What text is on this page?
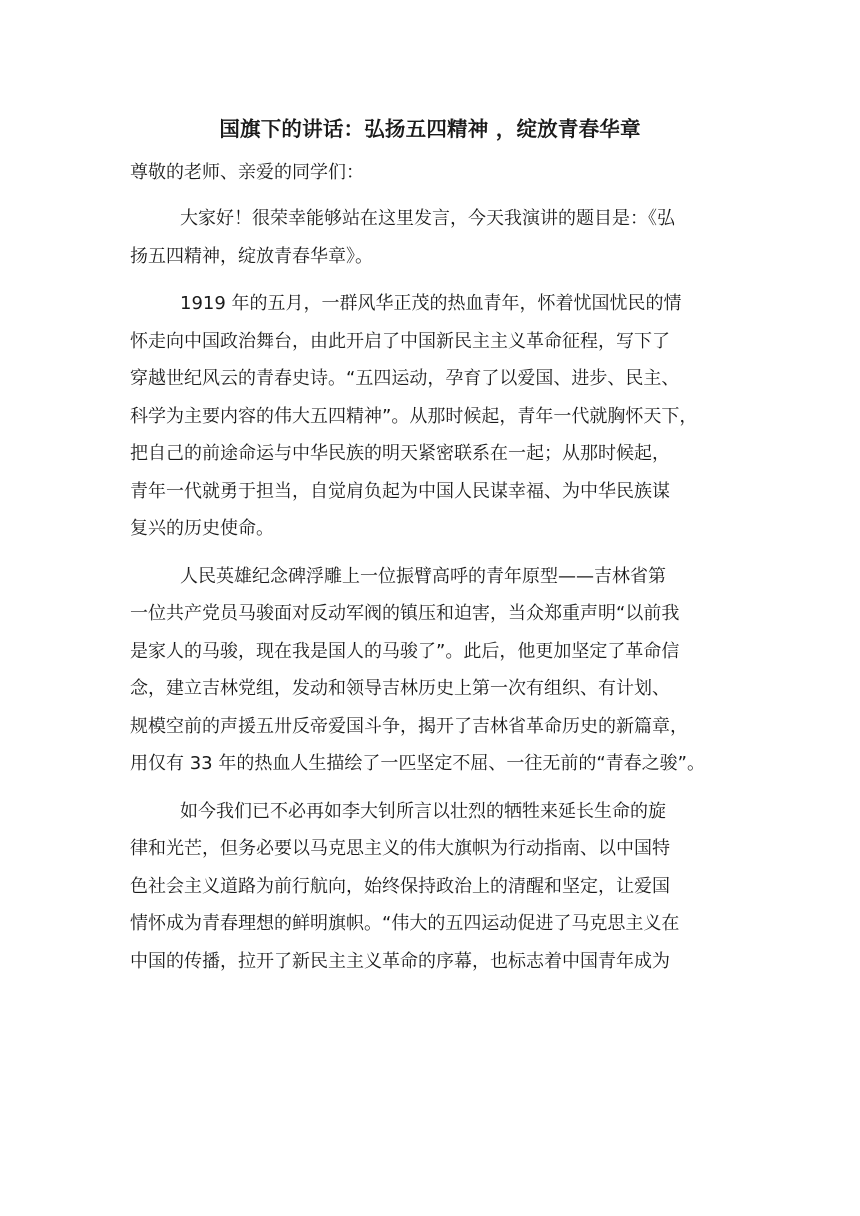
国旗下的讲话：弘扬五四精神 ，绽放青春华章

尊敬的老师、亲爱的同学们：

大家好！很荣幸能够站在这里发言，今天我演讲的题目是：《弘
扬五四精神，绽放青春华章》。

1919 年的五月，一群风华正茂的热血青年，怀着忧国忧民的情
怀走向中国政治舞台，由此开启了中国新民主主义革命征程，写下了
穿越世纪风云的青春史诗。“五四运动，孕育了以爱国、进步、民主、
科学为主要内容的伟大五四精神”。从那时候起，青年一代就胸怀天下，
把自己的前途命运与中华民族的明天紧密联系在一起；从那时候起，
青年一代就勇于担当，自觉肩负起为中国人民谋幸福、为中华民族谋
复兴的历史使命。

人民英雄纪念碑浮雕上一位振臂高呼的青年原型——吉林省第
一位共产党员马骏面对反动军阀的镇压和迫害，当众郑重声明“以前我
是家人的马骏，现在我是国人的马骏了”。此后，他更加坚定了革命信
念，建立吉林党组，发动和领导吉林历史上第一次有组织、有计划、
规模空前的声援五卅反帝爱国斗争，揭开了吉林省革命历史的新篇章，
用仅有 33 年的热血人生描绘了一匹坚定不屈、一往无前的“青春之骏”。

如今我们已不必再如李大钊所言以壮烈的牺牲来延长生命的旋
律和光芒，但务必要以马克思主义的伟大旗帜为行动指南、以中国特
色社会主义道路为前行航向，始终保持政治上的清醒和坚定，让爱国
情怀成为青春理想的鲜明旗帜。“伟大的五四运动促进了马克思主义在
中国的传播，拉开了新民主主义革命的序幕，也标志着中国青年成为
